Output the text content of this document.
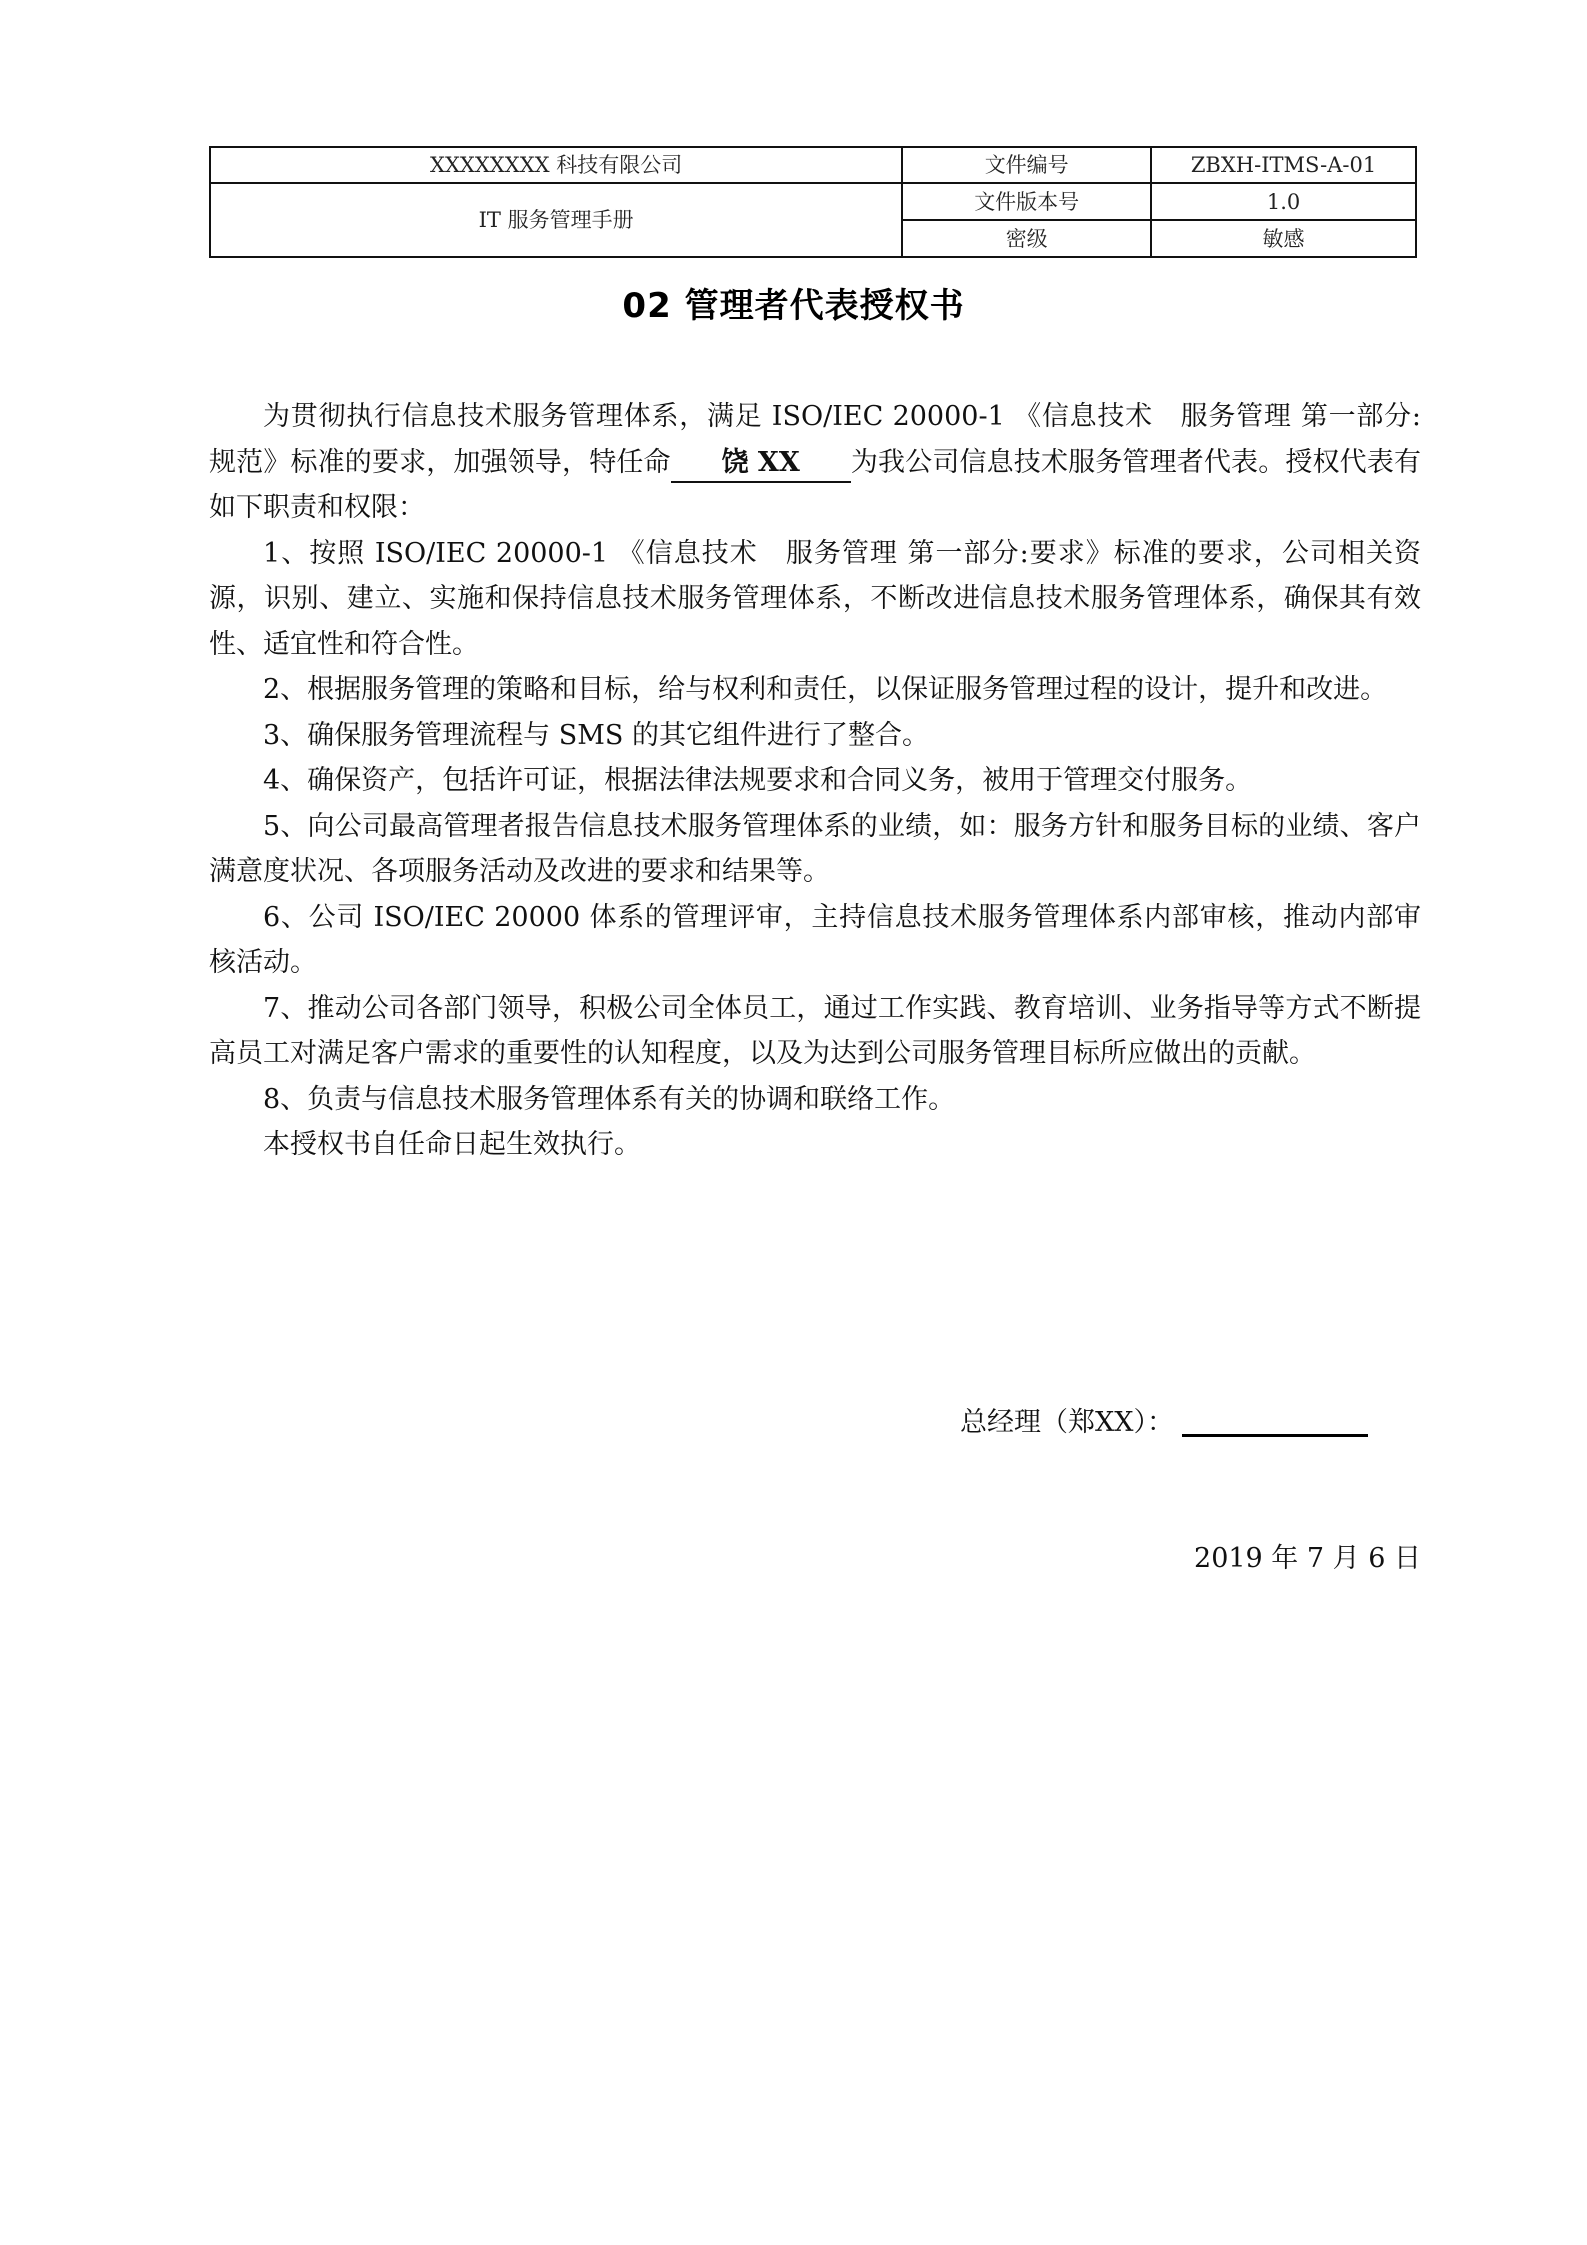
XXXXXXXX 科技有限公司	文件编号	ZBXH-ITMS-A-01
IT 服务管理手册	文件版本号	1.0
	密级	敏感
02 管理者代表授权书

为贯彻执行信息技术服务管理体系，满足 ISO/IEC 20000-1 《信息技术　服务管理 第一部分:规范》标准的要求，加强领导，特任命 饶 XX 为我公司信息技术服务管理者代表。授权代表有如下职责和权限：

1、按照 ISO/IEC 20000-1 《信息技术　服务管理 第一部分:要求》标准的要求，公司相关资源，识别、建立、实施和保持信息技术服务管理体系，不断改进信息技术服务管理体系，确保其有效性、适宜性和符合性。

2、根据服务管理的策略和目标，给与权利和责任，以保证服务管理过程的设计，提升和改进。

3、确保服务管理流程与 SMS 的其它组件进行了整合。

4、确保资产，包括许可证，根据法律法规要求和合同义务，被用于管理交付服务。

5、向公司最高管理者报告信息技术服务管理体系的业绩，如：服务方针和服务目标的业绩、客户满意度状况、各项服务活动及改进的要求和结果等。

6、公司 ISO/IEC 20000 体系的管理评审，主持信息技术服务管理体系内部审核，推动内部审核活动。

7、推动公司各部门领导，积极公司全体员工，通过工作实践、教育培训、业务指导等方式不断提高员工对满足客户需求的重要性的认知程度，以及为达到公司服务管理目标所应做出的贡献。

8、负责与信息技术服务管理体系有关的协调和联络工作。

本授权书自任命日起生效执行。

总经理（郑XX）：
2019 年 7 月 6 日
